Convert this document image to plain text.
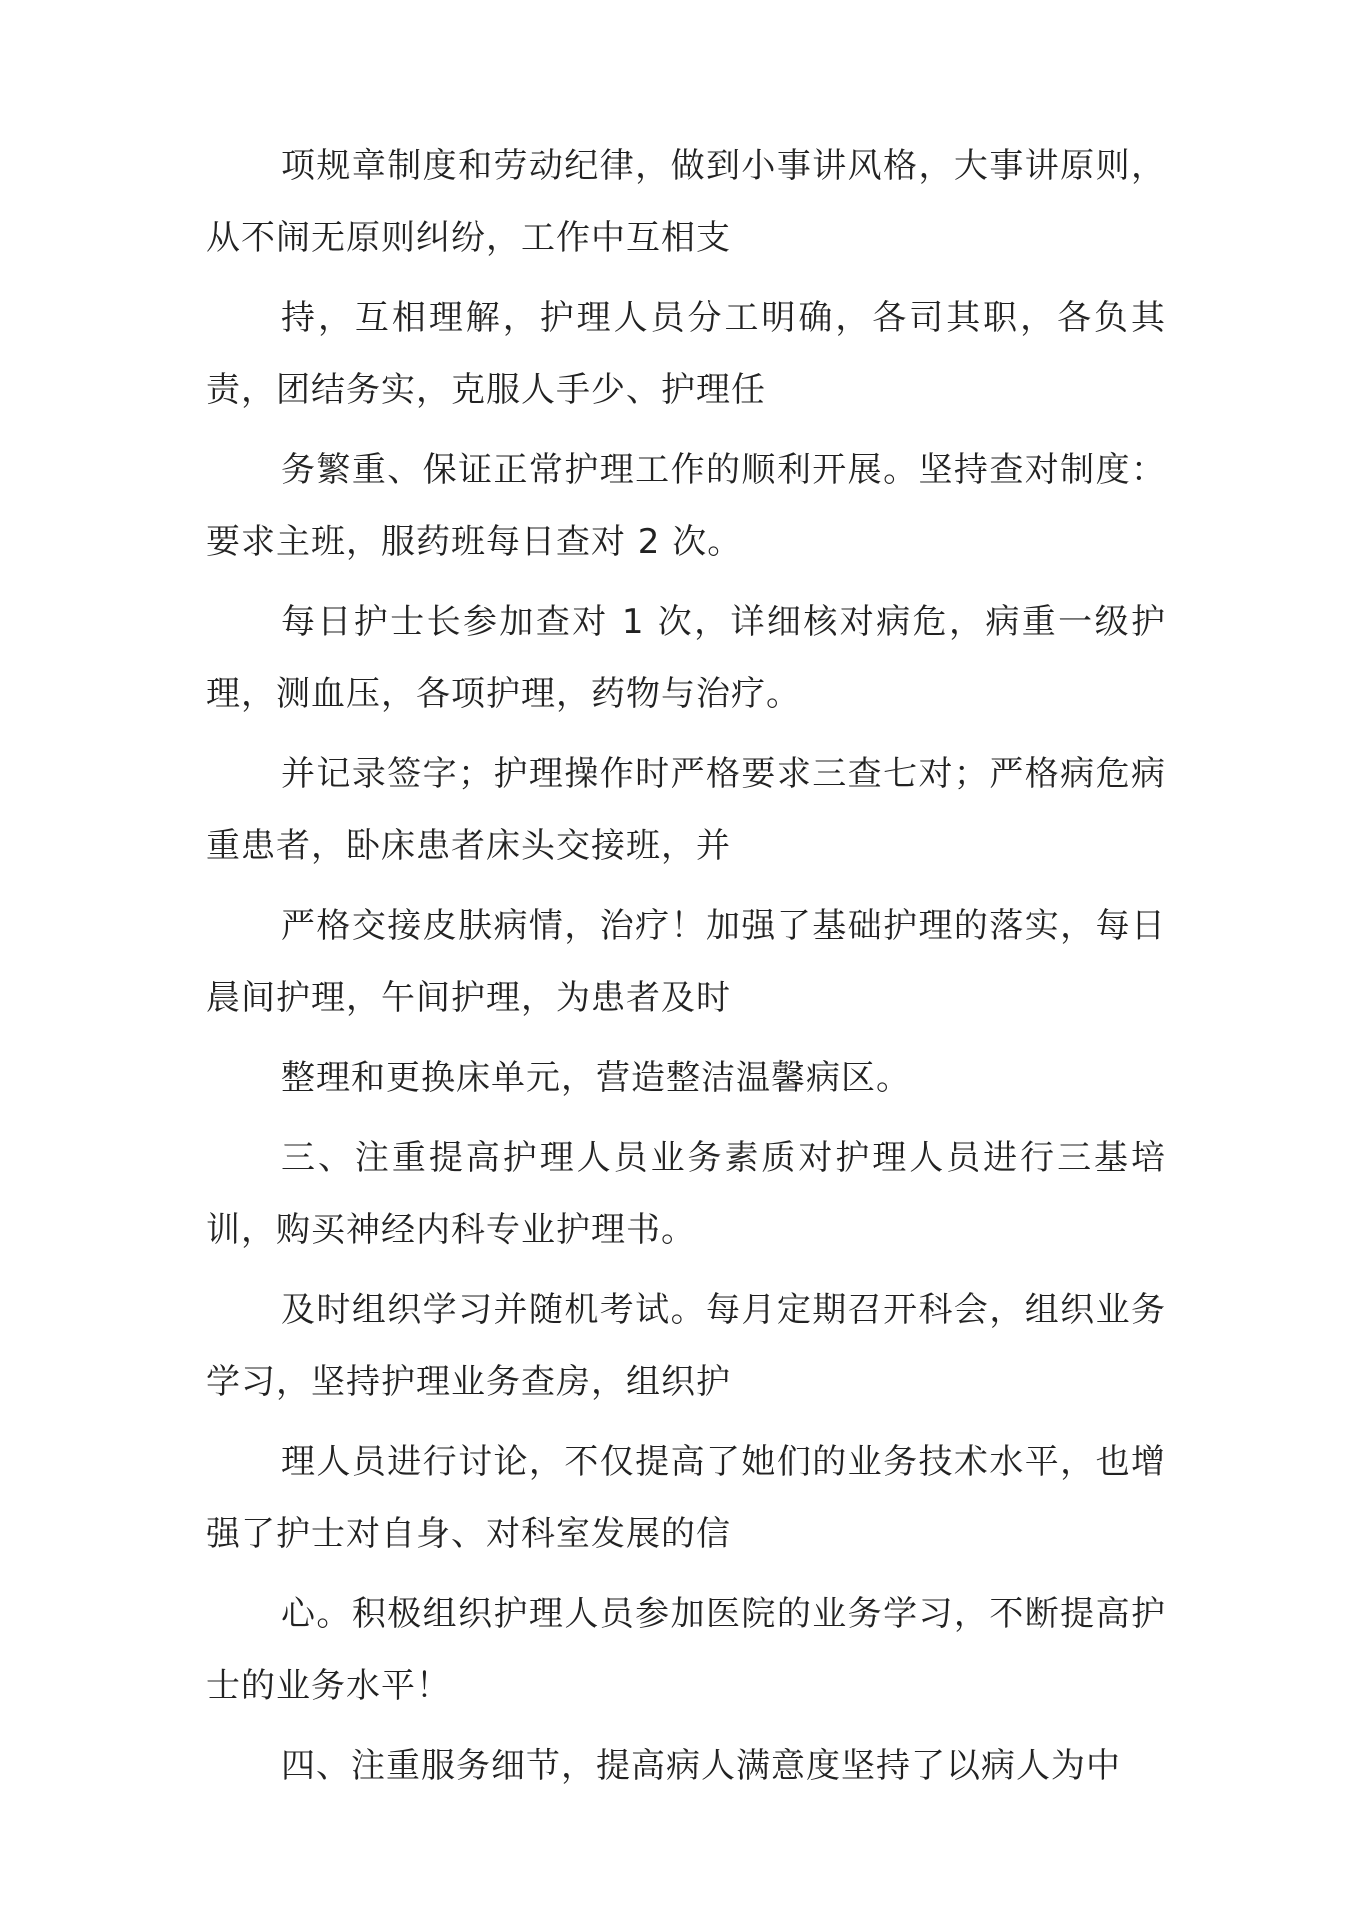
项规章制度和劳动纪律，做到小事讲风格，大事讲原则，从不闹无原则纠纷，工作中互相支

持，互相理解，护理人员分工明确，各司其职，各负其责，团结务实，克服人手少、护理任

务繁重、保证正常护理工作的顺利开展。坚持查对制度：要求主班，服药班每日查对 2 次。

每日护士长参加查对 1 次，详细核对病危，病重一级护理，测血压，各项护理，药物与治疗。

并记录签字；护理操作时严格要求三查七对；严格病危病重患者，卧床患者床头交接班，并

严格交接皮肤病情，治疗！加强了基础护理的落实，每日晨间护理，午间护理，为患者及时

整理和更换床单元，营造整洁温馨病区。

三、注重提高护理人员业务素质对护理人员进行三基培训，购买神经内科专业护理书。

及时组织学习并随机考试。每月定期召开科会，组织业务学习，坚持护理业务查房，组织护

理人员进行讨论，不仅提高了她们的业务技术水平，也增强了护士对自身、对科室发展的信

心。积极组织护理人员参加医院的业务学习，不断提高护士的业务水平！

四、注重服务细节，提高病人满意度坚持了以病人为中
